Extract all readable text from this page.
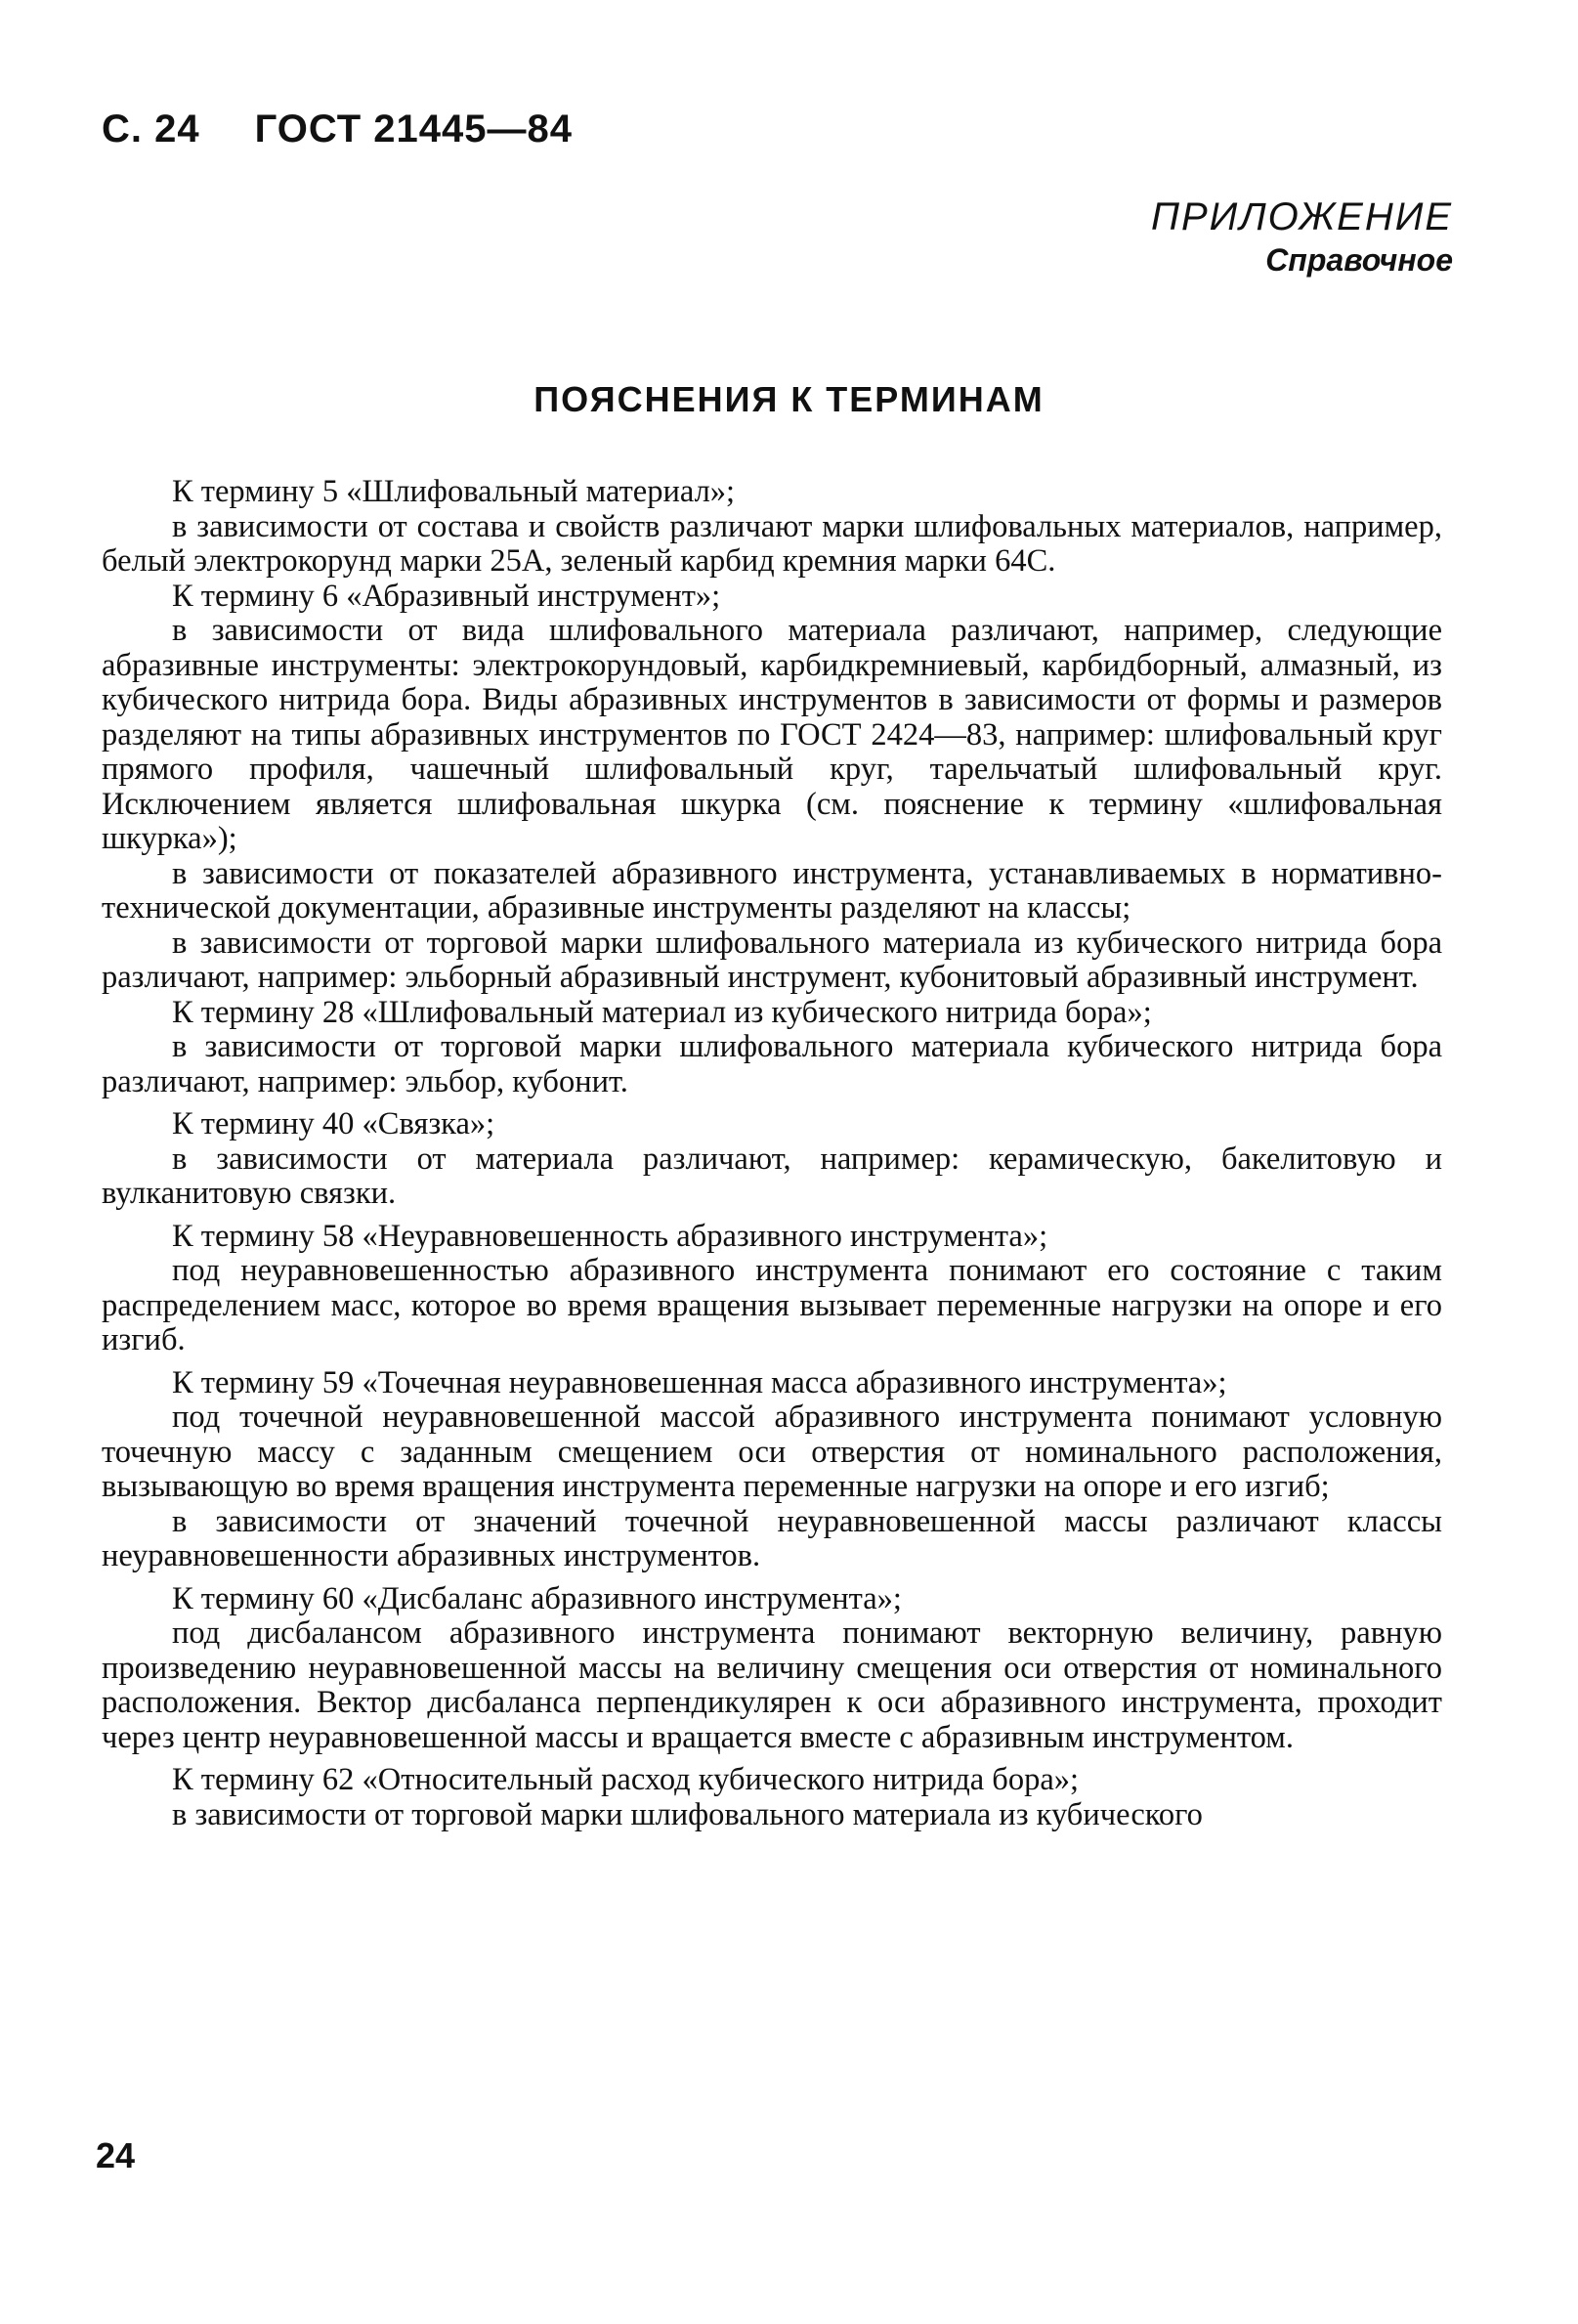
С. 24 ГОСТ 21445—84
ПРИЛОЖЕНИЕ
Справочное
ПОЯСНЕНИЯ К ТЕРМИНАМ

К термину 5 «Шлифовальный материал»;

в зависимости от состава и свойств различают марки шлифовальных материалов, например, белый электрокорунд марки 25А, зеленый карбид кремния марки 64С.

К термину 6 «Абразивный инструмент»;

в зависимости от вида шлифовального материала различают, например, следующие абразивные инструменты: электрокорундовый, карбидкремниевый, карбидборный, алмазный, из кубического нитрида бора. Виды абразивных инструментов в зависимости от формы и размеров разделяют на типы абразивных инструментов по ГОСТ 2424—83, например: шлифовальный круг прямого профиля, чашечный шлифовальный круг, тарельчатый шлифовальный круг. Исключением является шлифовальная шкурка (см. пояснение к термину «шлифовальная шкурка»);

в зависимости от показателей абразивного инструмента, устанавливаемых в нормативно-технической документации, абразивные инструменты разделяют на классы;

в зависимости от торговой марки шлифовального материала из кубического нитрида бора различают, например: эльборный абразивный инструмент, кубонитовый абразивный инструмент.

К термину 28 «Шлифовальный материал из кубического нитрида бора»;

в зависимости от торговой марки шлифовального материала кубического нитрида бора различают, например: эльбор, кубонит.

К термину 40 «Связка»;

в зависимости от материала различают, например: керамическую, бакелитовую и вулканитовую связки.

К термину 58 «Неуравновешенность абразивного инструмента»;

под неуравновешенностью абразивного инструмента понимают его состояние с таким распределением масс, которое во время вращения вызывает переменные нагрузки на опоре и его изгиб.

К термину 59 «Точечная неуравновешенная масса абразивного инструмента»;

под точечной неуравновешенной массой абразивного инструмента понимают условную точечную массу с заданным смещением оси отверстия от номинального расположения, вызывающую во время вращения инструмента переменные нагрузки на опоре и его изгиб;

в зависимости от значений точечной неуравновешенной массы различают классы неуравновешенности абразивных инструментов.

К термину 60 «Дисбаланс абразивного инструмента»;

под дисбалансом абразивного инструмента понимают векторную величину, равную произведению неуравновешенной массы на величину смещения оси отверстия от номинального расположения. Вектор дисбаланса перпендикулярен к оси абразивного инструмента, проходит через центр неуравновешенной массы и вращается вместе с абразивным инструментом.

К термину 62 «Относительный расход кубического нитрида бора»;

в зависимости от торговой марки шлифовального материала из кубического

24
